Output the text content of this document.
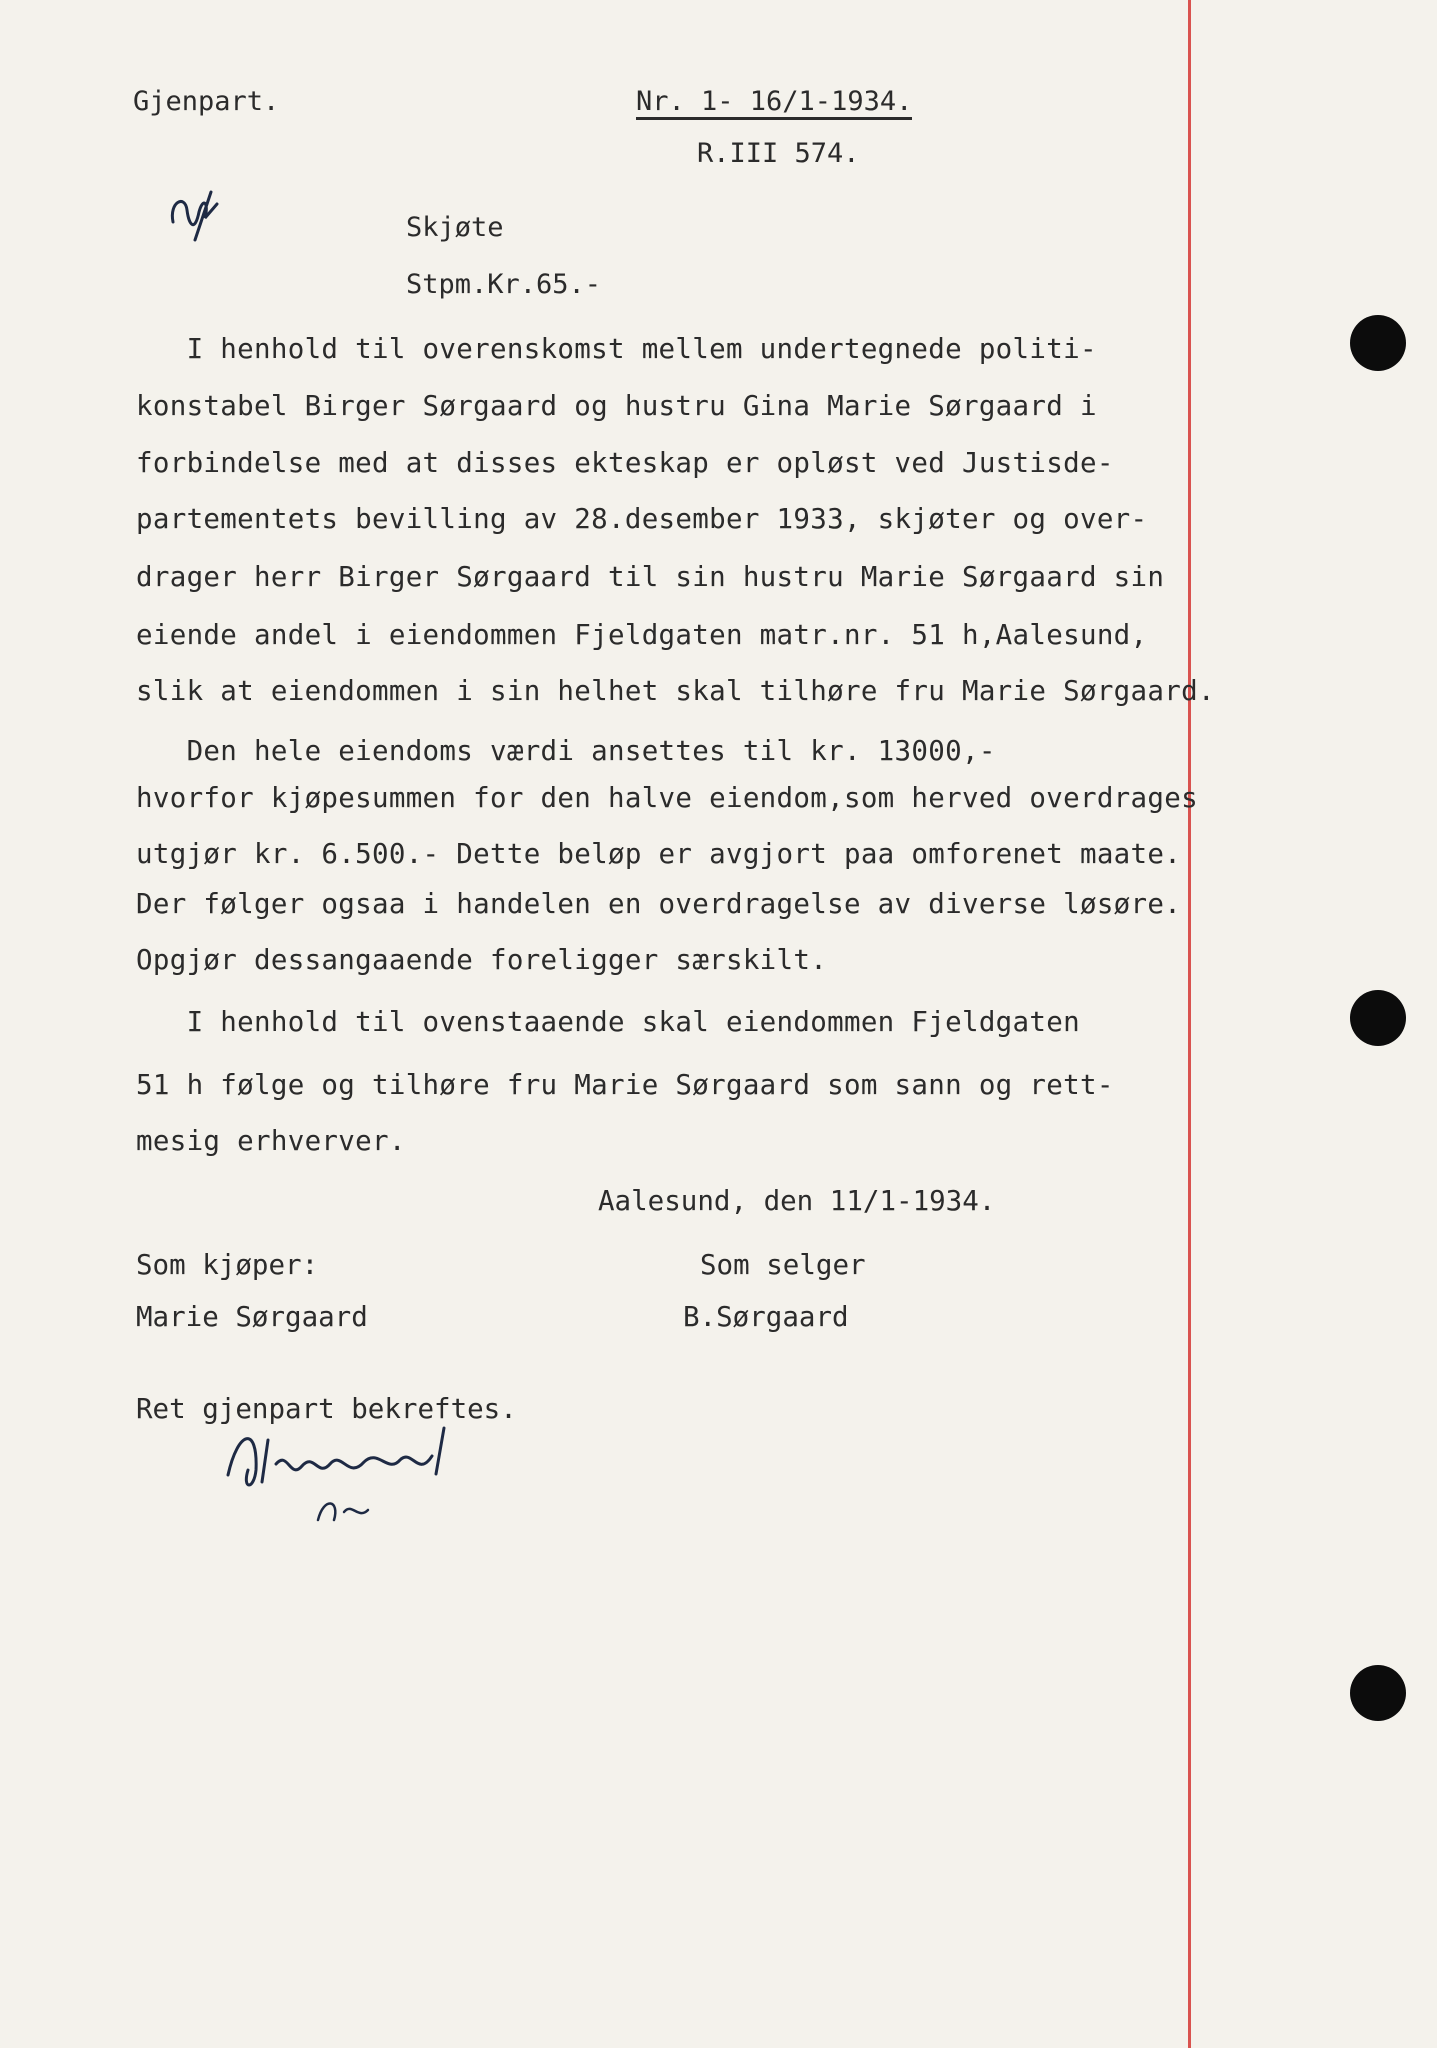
Gjenpart.	Nr. 1- 16/1-1934.
R.III 574.
Skjøte
Stpm.Kr.65.-
I henhold til overenskomst mellem undertegnede politi-
konstabel Birger Sørgaard og hustru Gina Marie Sørgaard i
forbindelse med at disses ekteskap er opløst ved Justisde-
partementets bevilling av 28.desember 1933, skjøter og over-
drager herr Birger Sørgaard til sin hustru Marie Sørgaard sin
eiende andel i eiendommen Fjeldgaten matr.nr. 51 h,Aalesund,
slik at eiendommen i sin helhet skal tilhøre fru Marie Sørgaard.
Den hele eiendoms værdi ansettes til kr. 13000,-
hvorfor kjøpesummen for den halve eiendom,som herved overdrages
utgjør kr. 6.500.- Dette beløp er avgjort paa omforenet maate.
Der følger ogsaa i handelen en overdragelse av diverse løsøre.
Opgjør dessangaaende foreligger særskilt.
I henhold til ovenstaaende skal eiendommen Fjeldgaten
51 h følge og tilhøre fru Marie Sørgaard som sann og rett-
mesig erhverver.
Aalesund, den 11/1-1934.
Som kjøper:
Marie Sørgaard
Som selger
B.Sørgaard
Ret gjenpart bekreftes.
